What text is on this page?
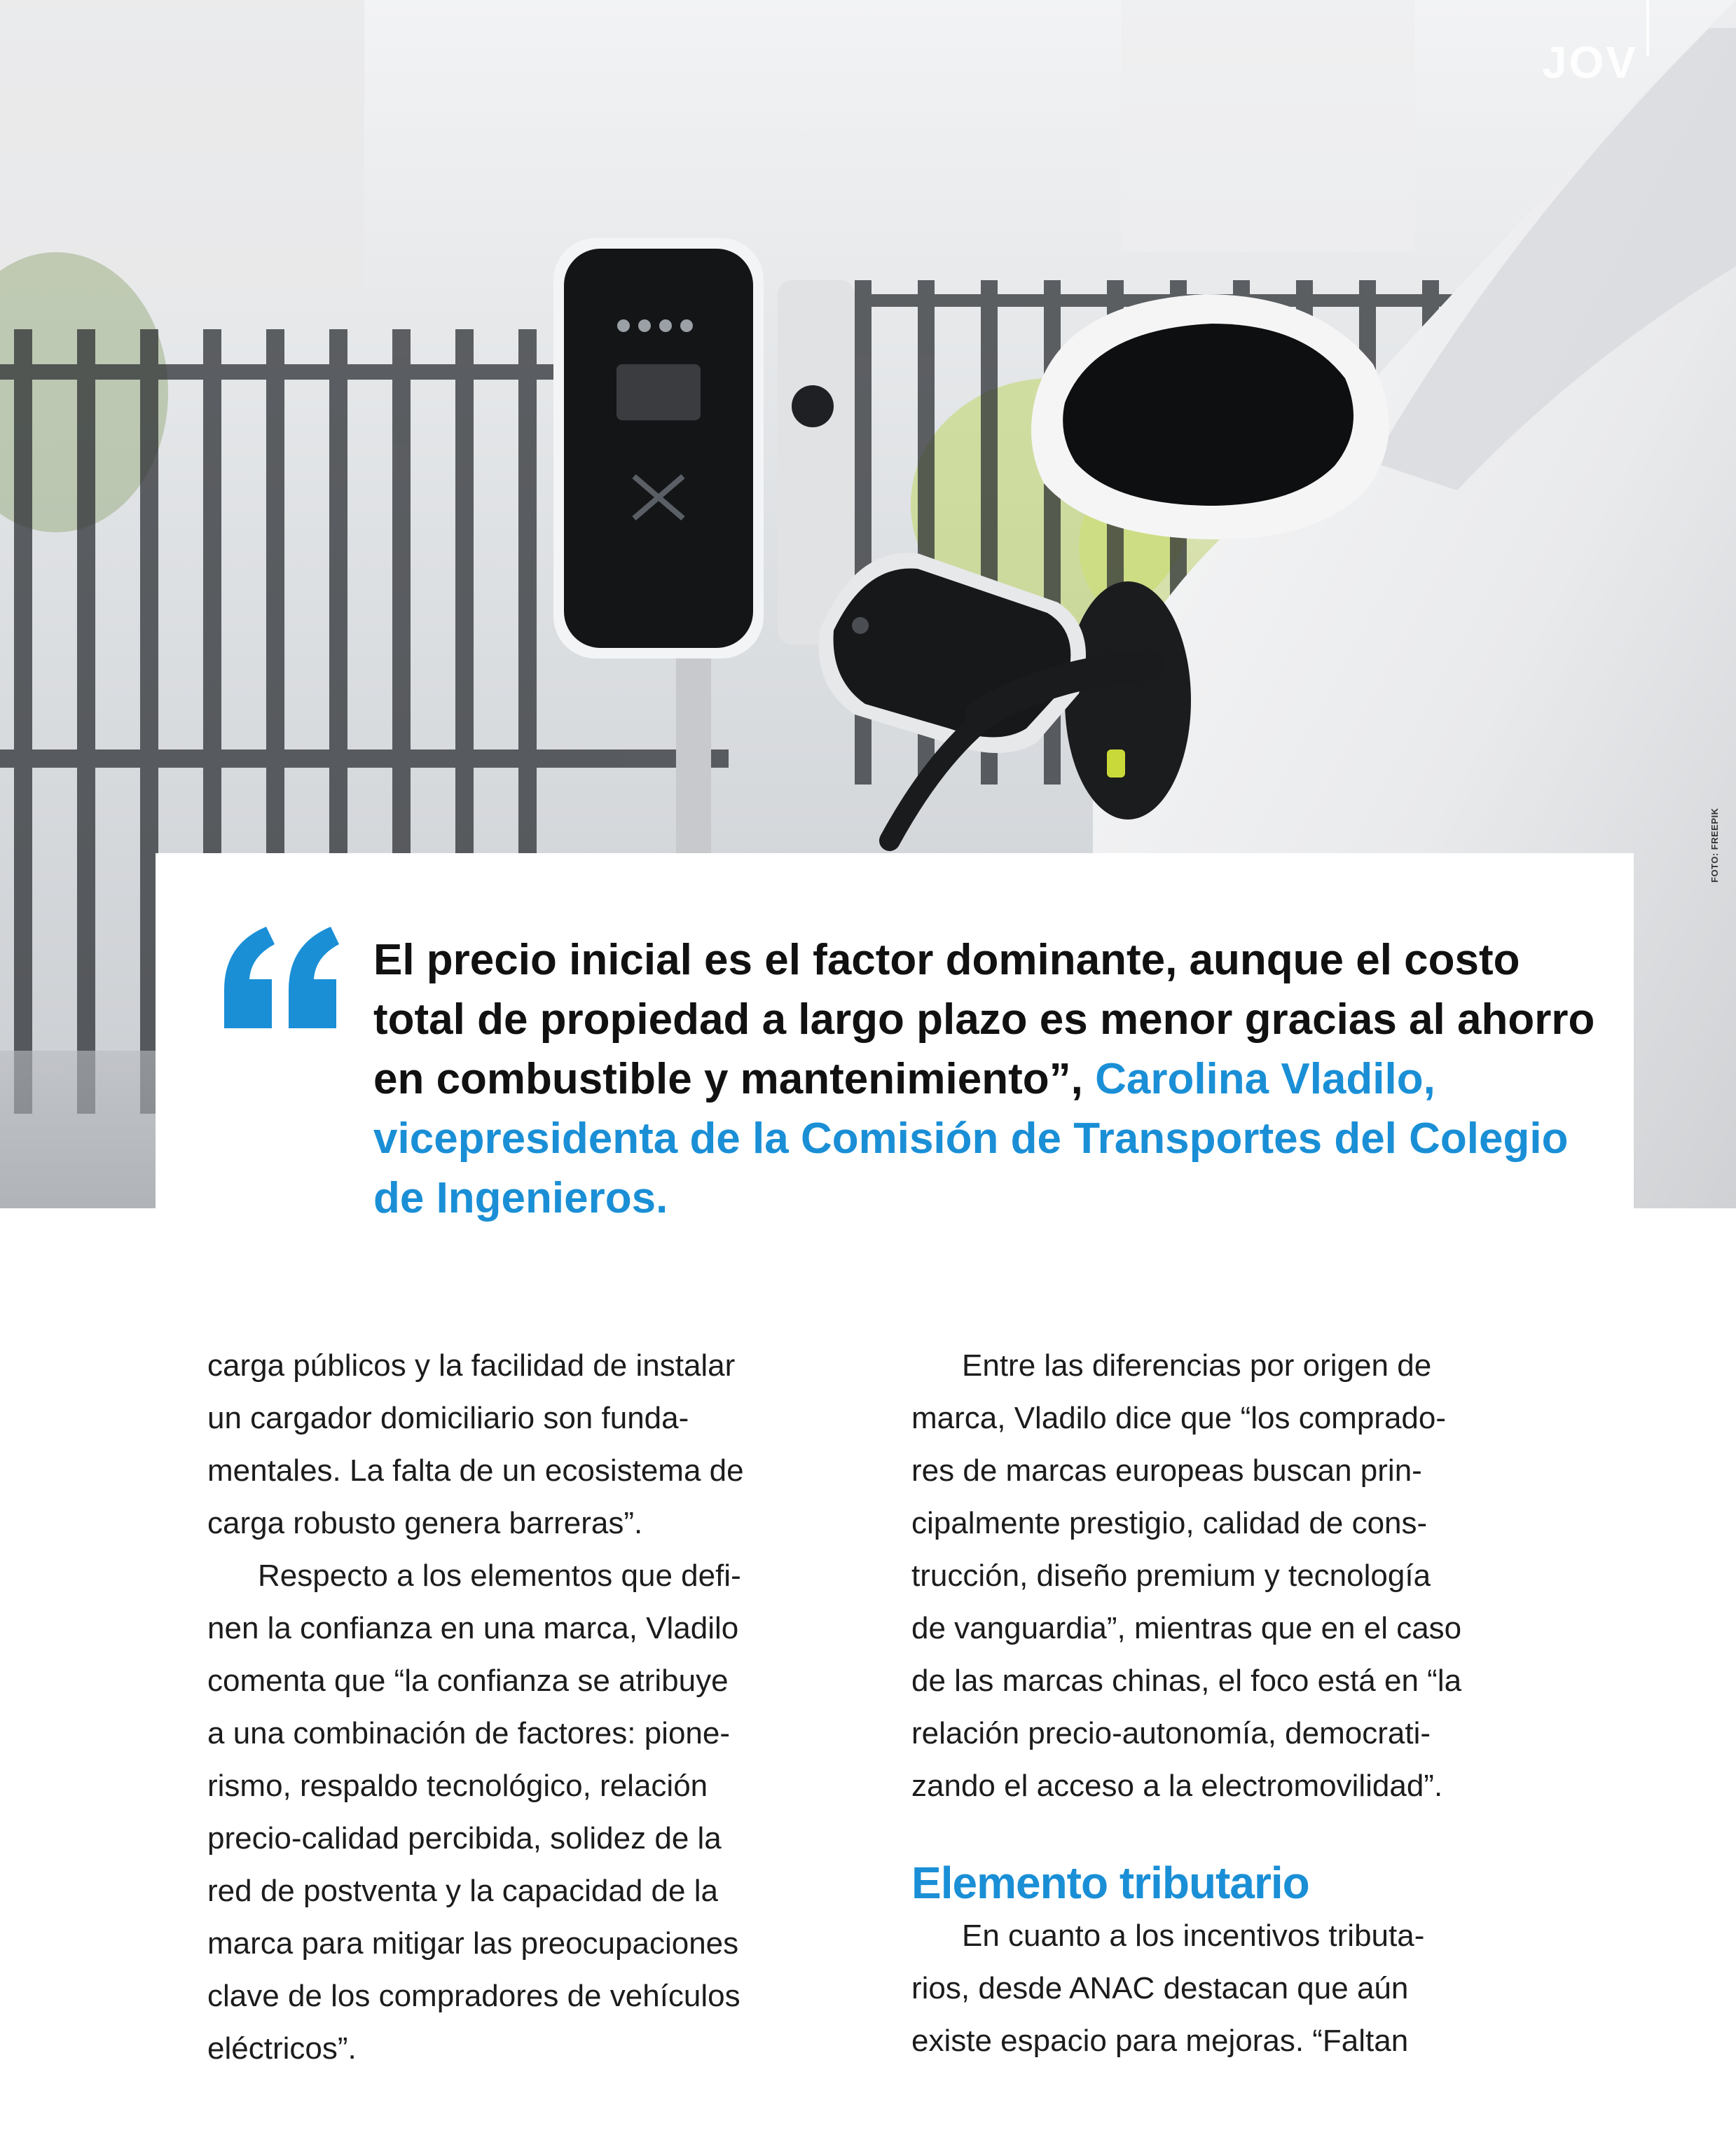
JOV
FOTO: FREEPIK
El precio inicial es el factor dominante, aunque el costo total de propiedad a largo plazo es menor gracias al ahorro en combustible y mantenimiento”, Carolina Vladilo, vicepresidenta de la Comisión de Transportes del Colegio de Ingenieros.

carga públicos y la facilidad de instalar
un cargador domiciliario son funda-
mentales. La falta de un ecosistema de
carga robusto genera barreras”.

Respecto a los elementos que defi-
nen la confianza en una marca, Vladilo
comenta que “la confianza se atribuye
a una combinación de factores: pione-
rismo, respaldo tecnológico, relación
precio-calidad percibida, solidez de la
red de postventa y la capacidad de la
marca para mitigar las preocupaciones
clave de los compradores de vehículos
eléctricos”.

Entre las diferencias por origen de
marca, Vladilo dice que “los comprado-
res de marcas europeas buscan prin-
cipalmente prestigio, calidad de cons-
trucción, diseño premium y tecnología
de vanguardia”, mientras que en el caso
de las marcas chinas, el foco está en “la
relación precio-autonomía, democrati-
zando el acceso a la electromovilidad”.

Elemento tributario

En cuanto a los incentivos tributa-
rios, desde ANAC destacan que aún
existe espacio para mejoras. “Faltan
